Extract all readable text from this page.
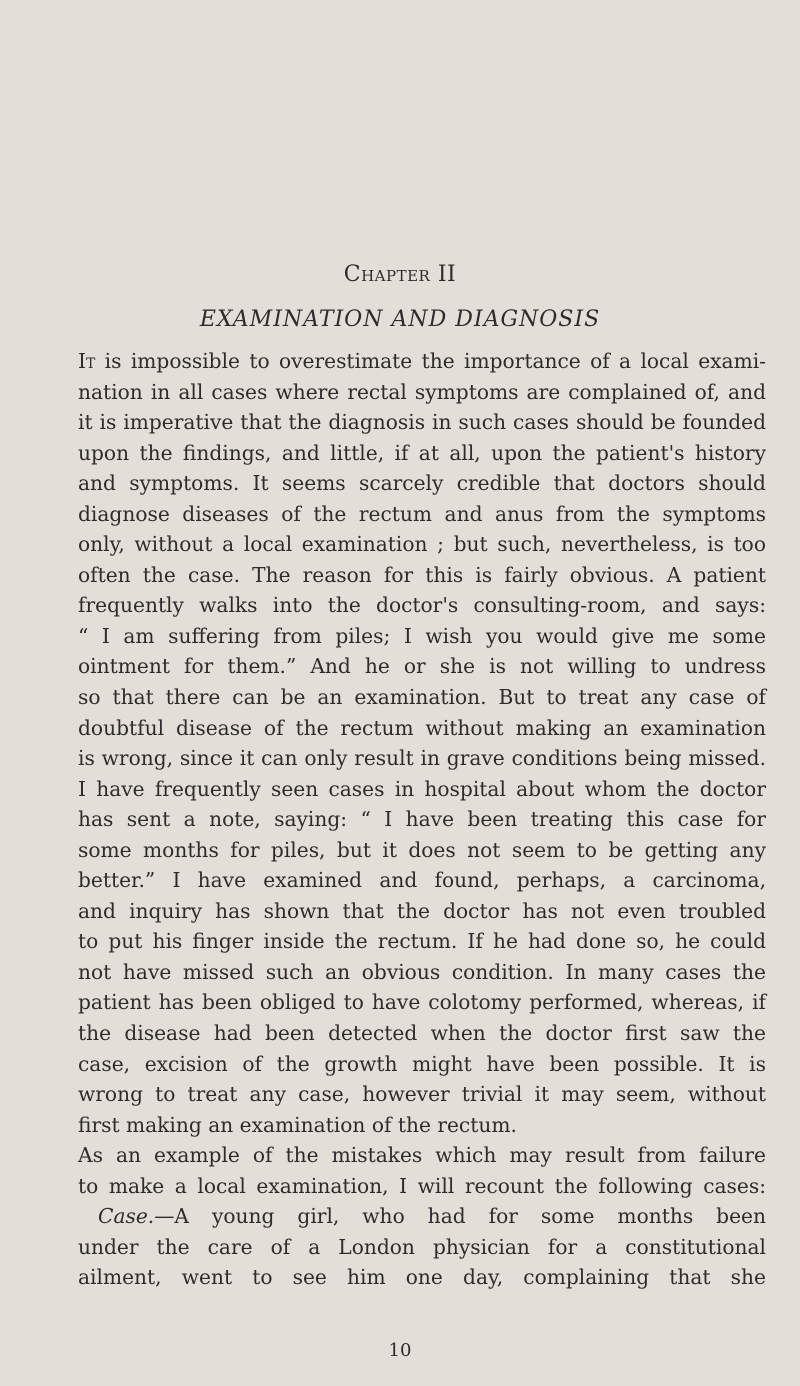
Chapter II
EXAMINATION AND DIAGNOSIS
It is impossible to overestimate the importance of a local exami-
nation in all cases where rectal symptoms are complained of, and
it is imperative that the diagnosis in such cases should be founded
upon the findings, and little, if at all, upon the patient's history
and symptoms. It seems scarcely credible that doctors should
diagnose diseases of the rectum and anus from the symptoms
only, without a local examination ; but such, nevertheless, is too
often the case. The reason for this is fairly obvious. A patient
frequently walks into the doctor's consulting-room, and says:
“ I am suffering from piles; I wish you would give me some
ointment for them.” And he or she is not willing to undress
so that there can be an examination. But to treat any case of
doubtful disease of the rectum without making an examination
is wrong, since it can only result in grave conditions being missed.
I have frequently seen cases in hospital about whom the doctor
has sent a note, saying: “ I have been treating this case for
some months for piles, but it does not seem to be getting any
better.” I have examined and found, perhaps, a carcinoma,
and inquiry has shown that the doctor has not even troubled
to put his finger inside the rectum. If he had done so, he could
not have missed such an obvious condition. In many cases the
patient has been obliged to have colotomy performed, whereas, if
the disease had been detected when the doctor first saw the
case, excision of the growth might have been possible. It is
wrong to treat any case, however trivial it may seem, without
first making an examination of the rectum.
As an example of the mistakes which may result from failure
to make a local examination, I will recount the following cases:
Case.—A young girl, who had for some months been
under the care of a London physician for a constitutional
ailment, went to see him one day, complaining that she
10
